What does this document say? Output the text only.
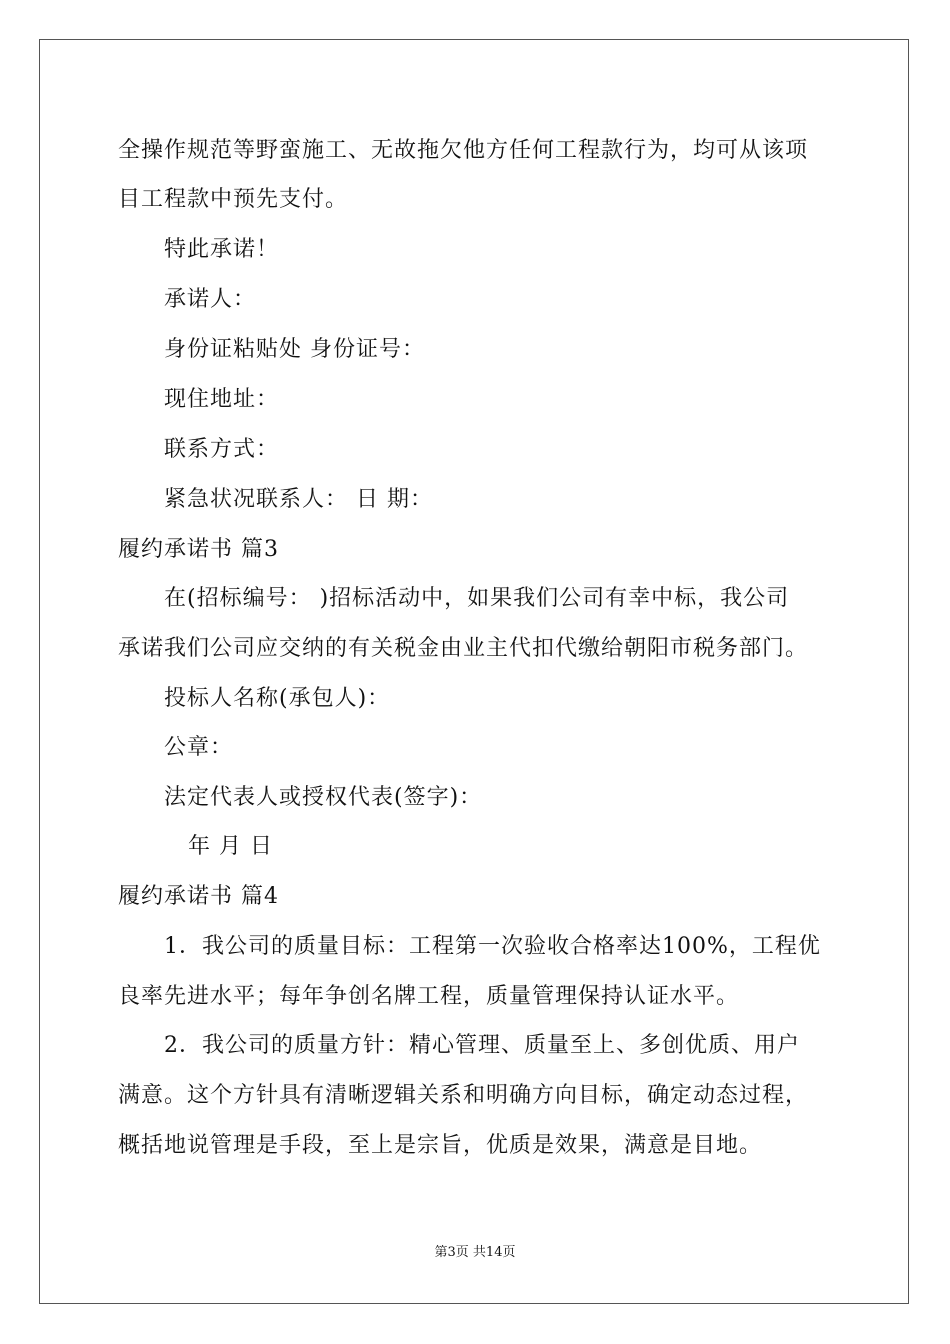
全操作规范等野蛮施工、无故拖欠他方任何工程款行为，均可从该项
目工程款中预先支付。
特此承诺！
承诺人：
身份证粘贴处 身份证号：
现住地址：
联系方式：
紧急状况联系人： 日 期：
履约承诺书 篇3
在(招标编号： )招标活动中，如果我们公司有幸中标，我公司
承诺我们公司应交纳的有关税金由业主代扣代缴给朝阳市税务部门。
投标人名称(承包人)：
公章：
法定代表人或授权代表(签字)：
年 月 日
履约承诺书 篇4
1．我公司的质量目标：工程第一次验收合格率达100%，工程优
良率先进水平；每年争创名牌工程，质量管理保持认证水平。
2．我公司的质量方针：精心管理、质量至上、多创优质、用户
满意。这个方针具有清晰逻辑关系和明确方向目标，确定动态过程，
概括地说管理是手段，至上是宗旨，优质是效果，满意是目地。
第3页 共14页
